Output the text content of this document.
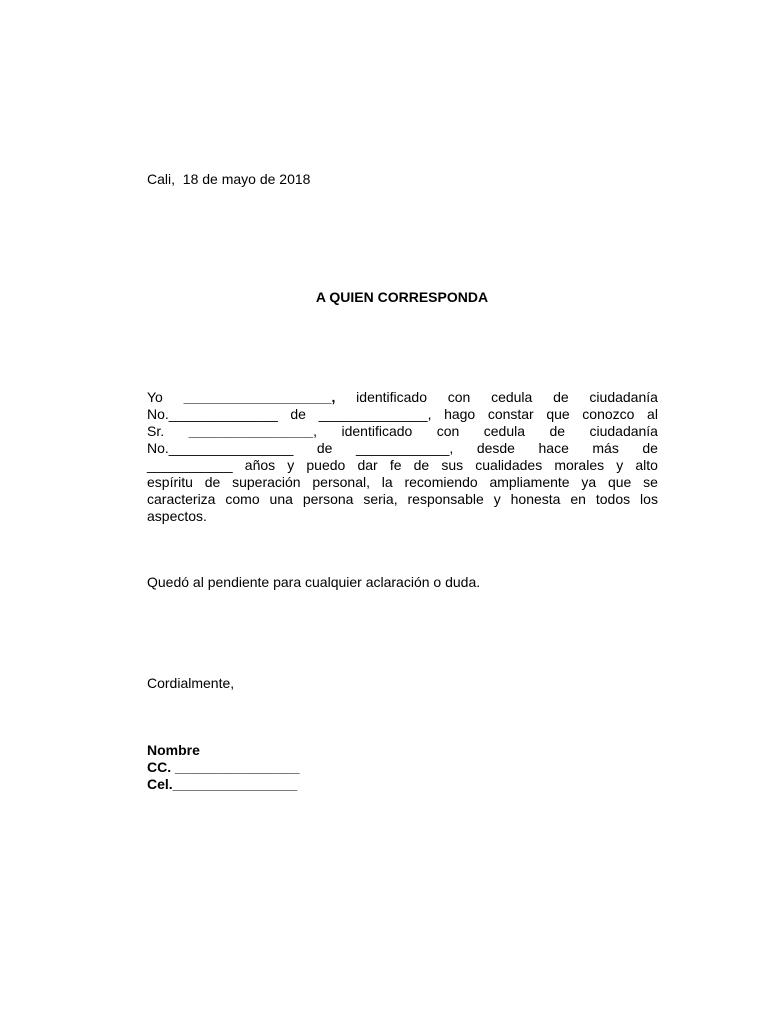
Cali,  18 de mayo de 2018
A QUIEN CORRESPONDA
Yo ___________________, identificado con cedula de ciudadanía
No.______________ de ______________, hago constar que conozco al
Sr. ________________, identificado con cedula de ciudadanía
No.________________ de ____________, desde hace más de
___________ años y puedo dar fe de sus cualidades morales y alto
espíritu de superación personal, la recomiendo ampliamente ya que se
caracteriza como una persona seria, responsable y honesta en todos los
aspectos.
Quedó al pendiente para cualquier aclaración o duda.
Cordialmente,
Nombre
CC. ________________
Cel.________________
